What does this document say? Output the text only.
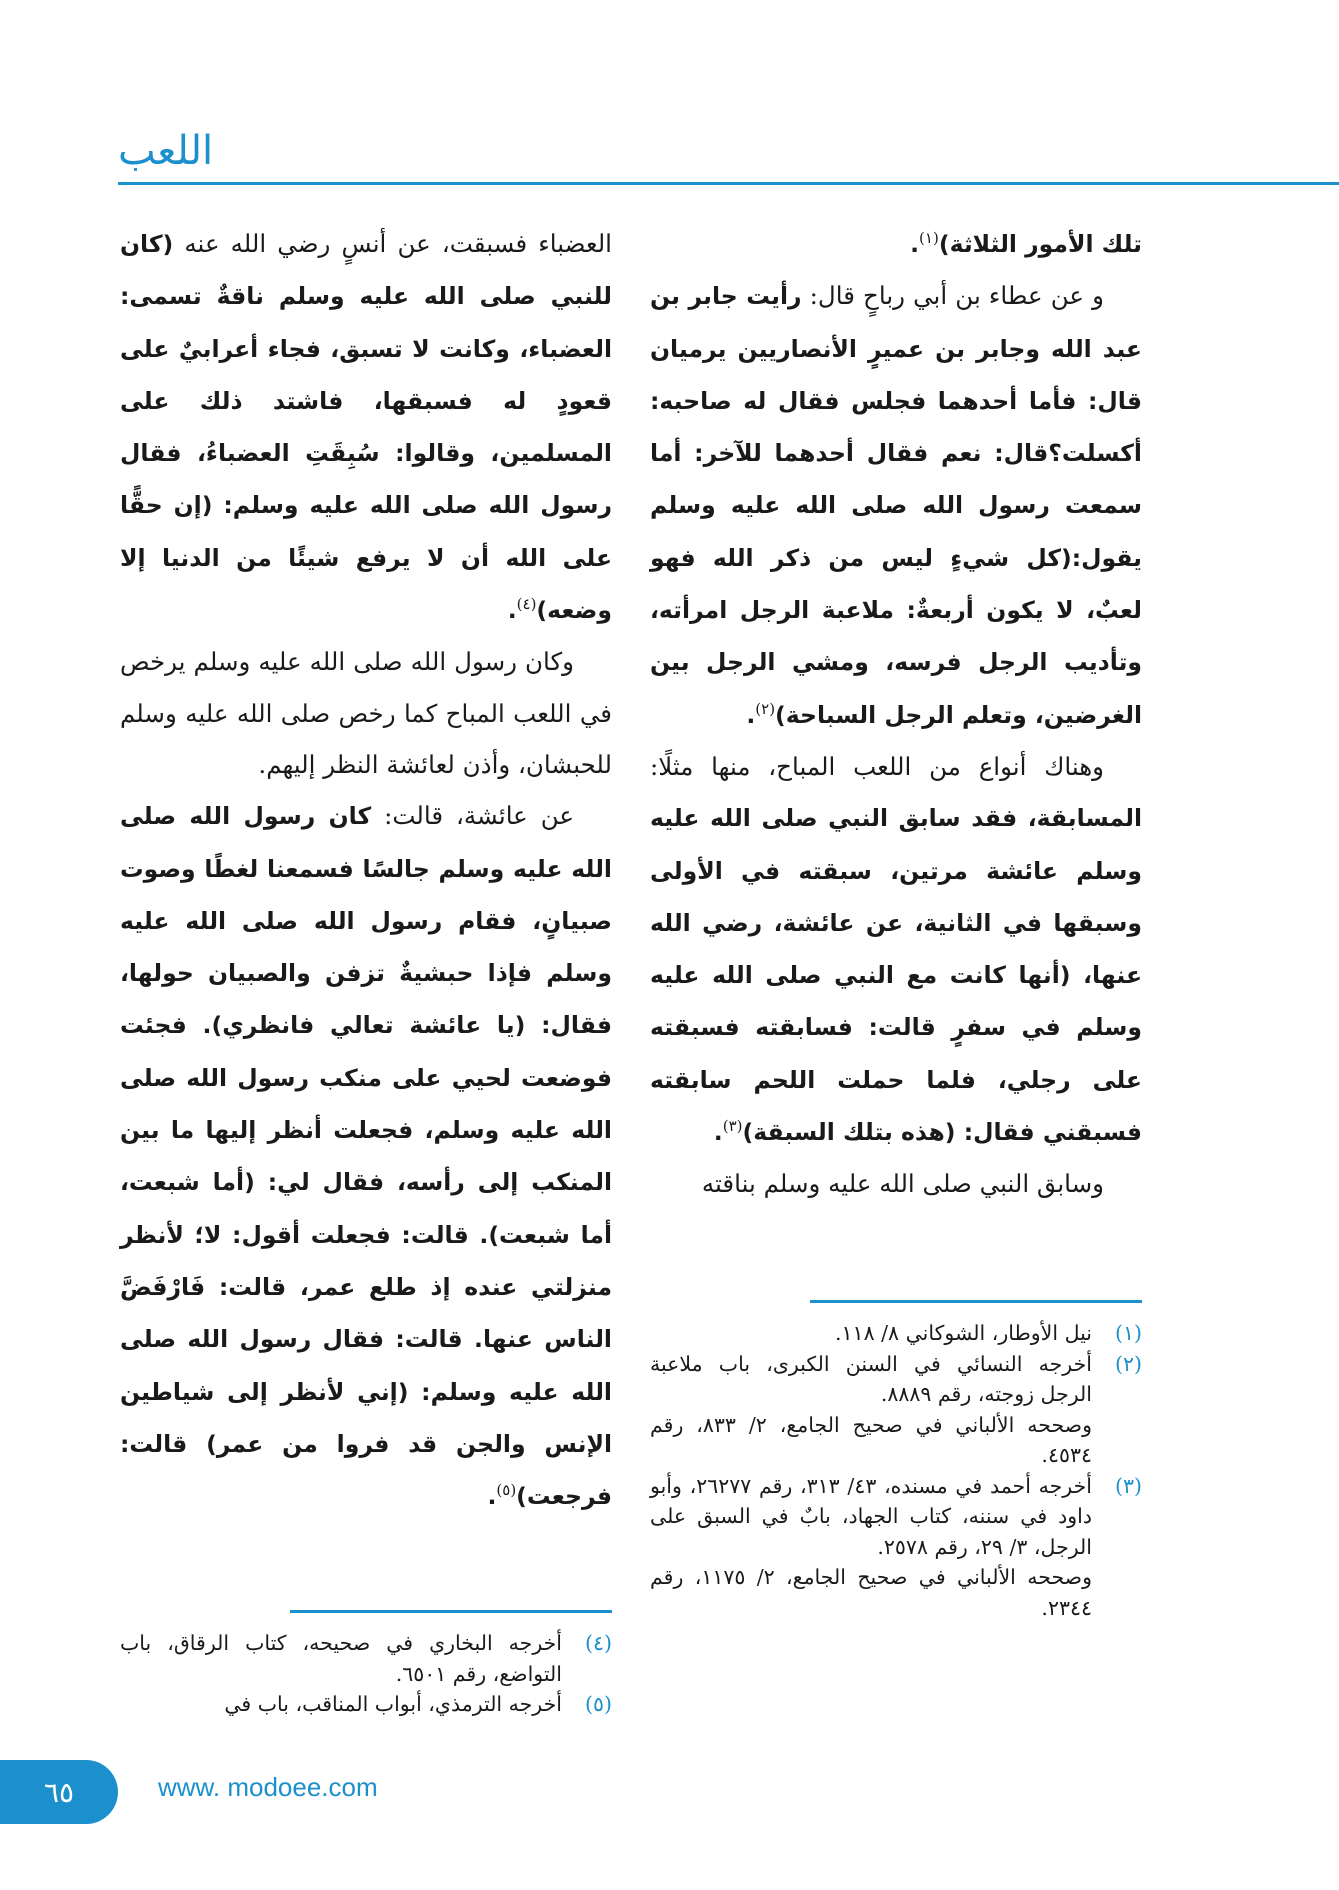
اللعب

تلك الأمور الثلاثة)$^{(١)}$.

و عن عطاء بن أبي رباحٍ قال: رأيت جابر بن عبد الله وجابر بن عميرٍ الأنصاريين يرميان قال: فأما أحدهما فجلس فقال له صاحبه: أكسلت؟قال: نعم فقال أحدهما للآخر: أما سمعت رسول الله صلى الله عليه وسلم يقول:(كل شيءٍ ليس من ذكر الله فهو لعبٌ، لا يكون أربعةٌ: ملاعبة الرجل امرأته، وتأديب الرجل فرسه، ومشي الرجل بين الغرضين، وتعلم الرجل السباحة)$^{(٢)}$.

وهناك أنواع من اللعب المباح، منها مثلًا: المسابقة، فقد سابق النبي صلى الله عليه وسلم عائشة مرتين، سبقته في الأولى وسبقها في الثانية، عن عائشة، رضي الله عنها، (أنها كانت مع النبي صلى الله عليه وسلم في سفرٍ قالت: فسابقته فسبقته على رجلي، فلما حملت اللحم سابقته فسبقني فقال: (هذه بتلك السبقة)$^{(٣)}$.

وسابق النبي صلى الله عليه وسلم بناقته

العضباء فسبقت، عن أنسٍ رضي الله عنه (كان للنبي صلى الله عليه وسلم ناقةٌ تسمى: العضباء، وكانت لا تسبق، فجاء أعرابيٌ على قعودٍ له فسبقها، فاشتد ذلك على المسلمين، وقالوا: سُبِقَتِ العضباءُ، فقال رسول الله صلى الله عليه وسلم: (إن حقًّا على الله أن لا يرفع شيئًا من الدنيا إلا وضعه)$^{(٤)}$.

وكان رسول الله صلى الله عليه وسلم يرخص في اللعب المباح كما رخص صلى الله عليه وسلم للحبشان، وأذن لعائشة النظر إليهم.

عن عائشة، قالت: كان رسول الله صلى الله عليه وسلم جالسًا فسمعنا لغطًا وصوت صبيانٍ، فقام رسول الله صلى الله عليه وسلم فإذا حبشيةٌ تزفن والصبيان حولها، فقال: (يا عائشة تعالي فانظري). فجئت فوضعت لحيي على منكب رسول الله صلى الله عليه وسلم، فجعلت أنظر إليها ما بين المنكب إلى رأسه، فقال لي: (أما شبعت، أما شبعت). قالت: فجعلت أقول: لا؛ لأنظر منزلتي عنده إذ طلع عمر، قالت: فَارْفَضَّ الناس عنها. قالت: فقال رسول الله صلى الله عليه وسلم: (إني لأنظر إلى شياطين الإنس والجن قد فروا من عمر) قالت: فرجعت)$^{(٥)}$.

(١)
نيل الأوطار، الشوكاني ٨/ ١١٨.
(٢)
أخرجه النسائي في السنن الكبرى، باب ملاعبة الرجل زوجته، رقم ٨٨٨٩.

وصححه الألباني في صحيح الجامع، ٢/ ٨٣٣، رقم ٤٥٣٤.

(٣)
أخرجه أحمد في مسنده، ٤٣/ ٣١٣، رقم ٢٦٢٧٧، وأبو داود في سننه، كتاب الجهاد، بابٌ في السبق على الرجل، ٣/ ٢٩، رقم ٢٥٧٨.

وصححه الألباني في صحيح الجامع، ٢/ ١١٧٥، رقم ٢٣٤٤.

(٤)
أخرجه البخاري في صحيحه، كتاب الرقاق، باب التواضع، رقم ٦٥٠١.
(٥)
أخرجه الترمذي، أبواب المناقب، باب في
٦٥	www. modoee.com
